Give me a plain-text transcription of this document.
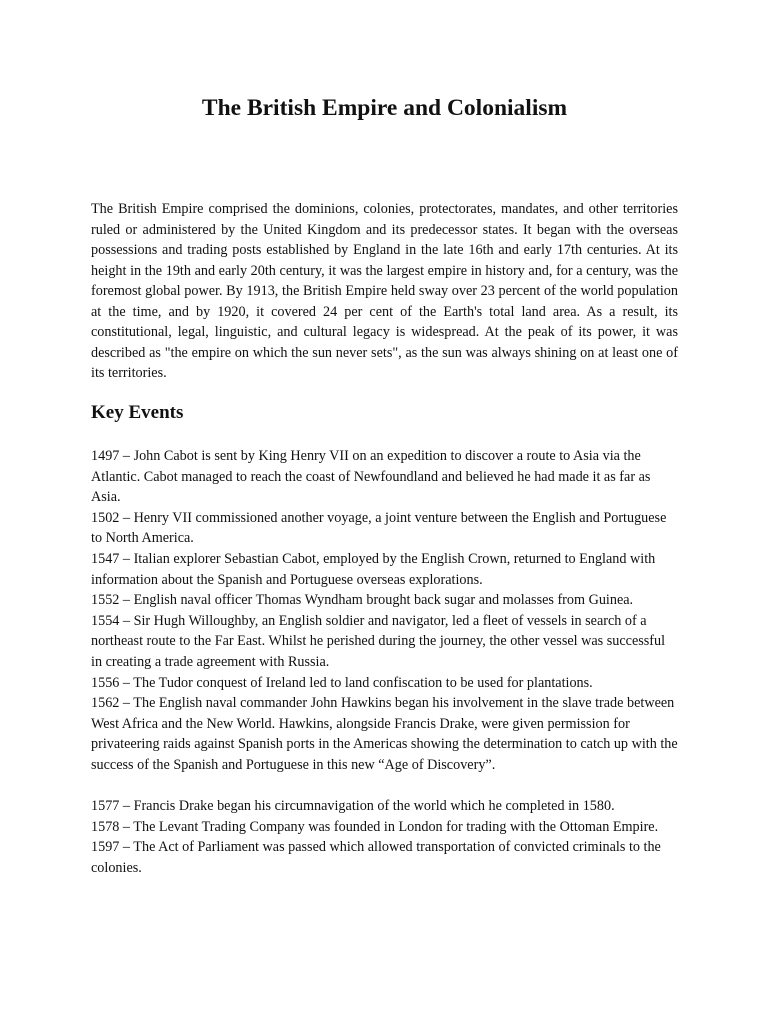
The British Empire and Colonialism

The British Empire comprised the dominions, colonies, protectorates, mandates, and other territories ruled or administered by the United Kingdom and its predecessor states. It began with the overseas possessions and trading posts established by England in the late 16th and early 17th centuries. At its height in the 19th and early 20th century, it was the largest empire in history and, for a century, was the foremost global power. By 1913, the British Empire held sway over 23 percent of the world population at the time, and by 1920, it covered 24 per cent of the Earth's total land area. As a result, its constitutional, legal, linguistic, and cultural legacy is widespread. At the peak of its power, it was described as "the empire on which the sun never sets", as the sun was always shining on at least one of its territories.

Key Events
1497 – John Cabot is sent by King Henry VII on an expedition to discover a route to Asia via the Atlantic. Cabot managed to reach the coast of Newfoundland and believed he had made it as far as Asia.
1502 – Henry VII commissioned another voyage, a joint venture between the English and Portuguese to North America.
1547 – Italian explorer Sebastian Cabot, employed by the English Crown, returned to England with information about the Spanish and Portuguese overseas explorations.
1552 – English naval officer Thomas Wyndham brought back sugar and molasses from Guinea.
1554 – Sir Hugh Willoughby, an English soldier and navigator, led a fleet of vessels in search of a northeast route to the Far East. Whilst he perished during the journey, the other vessel was successful in creating a trade agreement with Russia.
1556 – The Tudor conquest of Ireland led to land confiscation to be used for plantations.
1562 – The English naval commander John Hawkins began his involvement in the slave trade between West Africa and the New World. Hawkins, alongside Francis Drake, were given permission for privateering raids against Spanish ports in the Americas showing the determination to catch up with the success of the Spanish and Portuguese in this new “Age of Discovery”.
1577 – Francis Drake began his circumnavigation of the world which he completed in 1580.
1578 – The Levant Trading Company was founded in London for trading with the Ottoman Empire.
1597 – The Act of Parliament was passed which allowed transportation of convicted criminals to the colonies.
